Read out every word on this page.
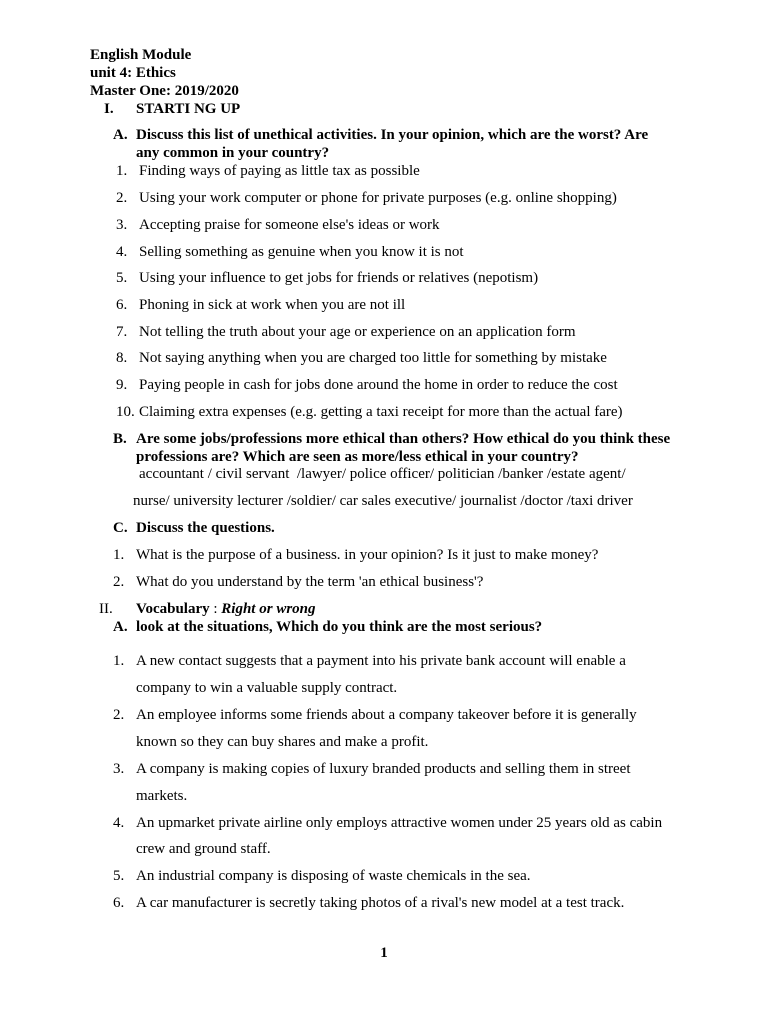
English Module
unit 4: Ethics
Master One: 2019/2020
I. STARTI NG UP
A. Discuss this list of unethical activities. In your opinion, which are the worst? Are
any common in your country?
1. Finding ways of paying as little tax as possible
2. Using your work computer or phone for private purposes (e.g. online shopping)
3. Accepting praise for someone else's ideas or work
4. Selling something as genuine when you know it is not
5. Using your influence to get jobs for friends or relatives (nepotism)
6. Phoning in sick at work when you are not ill
7. Not telling the truth about your age or experience on an application form
8. Not saying anything when you are charged too little for something by mistake
9. Paying people in cash for jobs done around the home in order to reduce the cost
10. Claiming extra expenses (e.g. getting a taxi receipt for more than the actual fare)
B. Are some jobs/professions more ethical than others? How ethical do you think these
professions are? Which are seen as more/less ethical in your country?
accountant / civil servant  /lawyer/ police officer/ politician /banker /estate agent/
nurse/ university lecturer /soldier/ car sales executive/ journalist /doctor /taxi driver
C. Discuss the questions.
1. What is the purpose of a business. in your opinion? Is it just to make money?
2. What do you understand by the term 'an ethical business'?
II. Vocabulary : Right or wrong
A. look at the situations, Which do you think are the most serious?
1. A new contact suggests that a payment into his private bank account will enable a
company to win a valuable supply contract.
2. An employee informs some friends about a company takeover before it is generally
known so they can buy shares and make a profit.
3. A company is making copies of luxury branded products and selling them in street
markets.
4. An upmarket private airline only employs attractive women under 25 years old as cabin
crew and ground staff.
5. An industrial company is disposing of waste chemicals in the sea.
6. A car manufacturer is secretly taking photos of a rival's new model at a test track.
1
